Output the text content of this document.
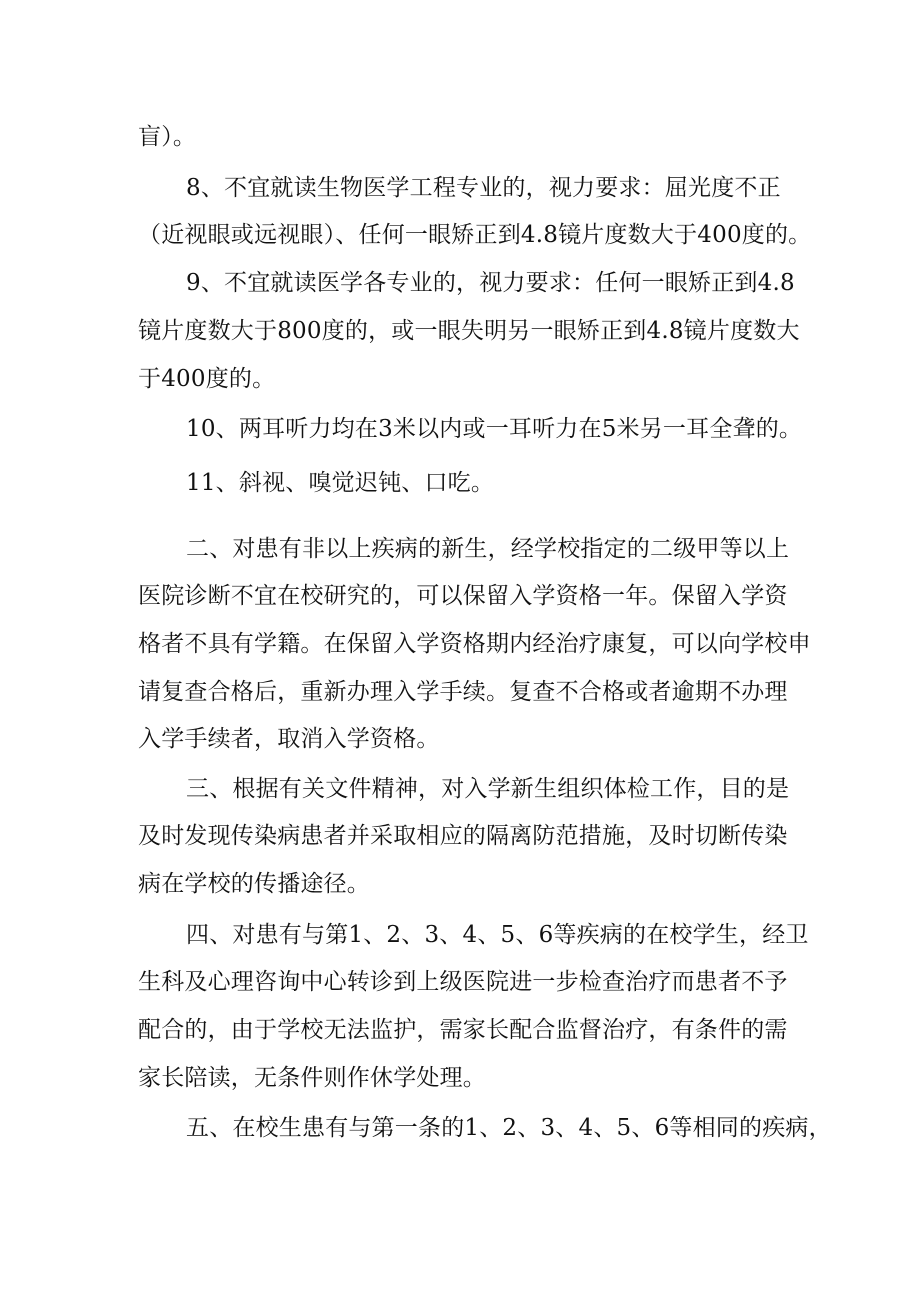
盲）。
8、不宜就读生物医学工程专业的，视力要求：屈光度不正
（近视眼或远视眼）、任何一眼矫正到4.8镜片度数大于400度的。
9、不宜就读医学各专业的，视力要求：任何一眼矫正到4.8
镜片度数大于800度的，或一眼失明另一眼矫正到4.8镜片度数大
于400度的。
10、两耳听力均在3米以内或一耳听力在5米另一耳全聋的。
11、斜视、嗅觉迟钝、口吃。
二、对患有非以上疾病的新生，经学校指定的二级甲等以上
医院诊断不宜在校研究的，可以保留入学资格一年。保留入学资
格者不具有学籍。在保留入学资格期内经治疗康复，可以向学校申
请复查合格后，重新办理入学手续。复查不合格或者逾期不办理
入学手续者，取消入学资格。
三、根据有关文件精神，对入学新生组织体检工作，目的是
及时发现传染病患者并采取相应的隔离防范措施，及时切断传染
病在学校的传播途径。
四、对患有与第1、2、3、4、5、6等疾病的在校学生，经卫
生科及心理咨询中心转诊到上级医院进一步检查治疗而患者不予
配合的，由于学校无法监护，需家长配合监督治疗，有条件的需
家长陪读，无条件则作休学处理。
五、在校生患有与第一条的1、2、3、4、5、6等相同的疾病，
